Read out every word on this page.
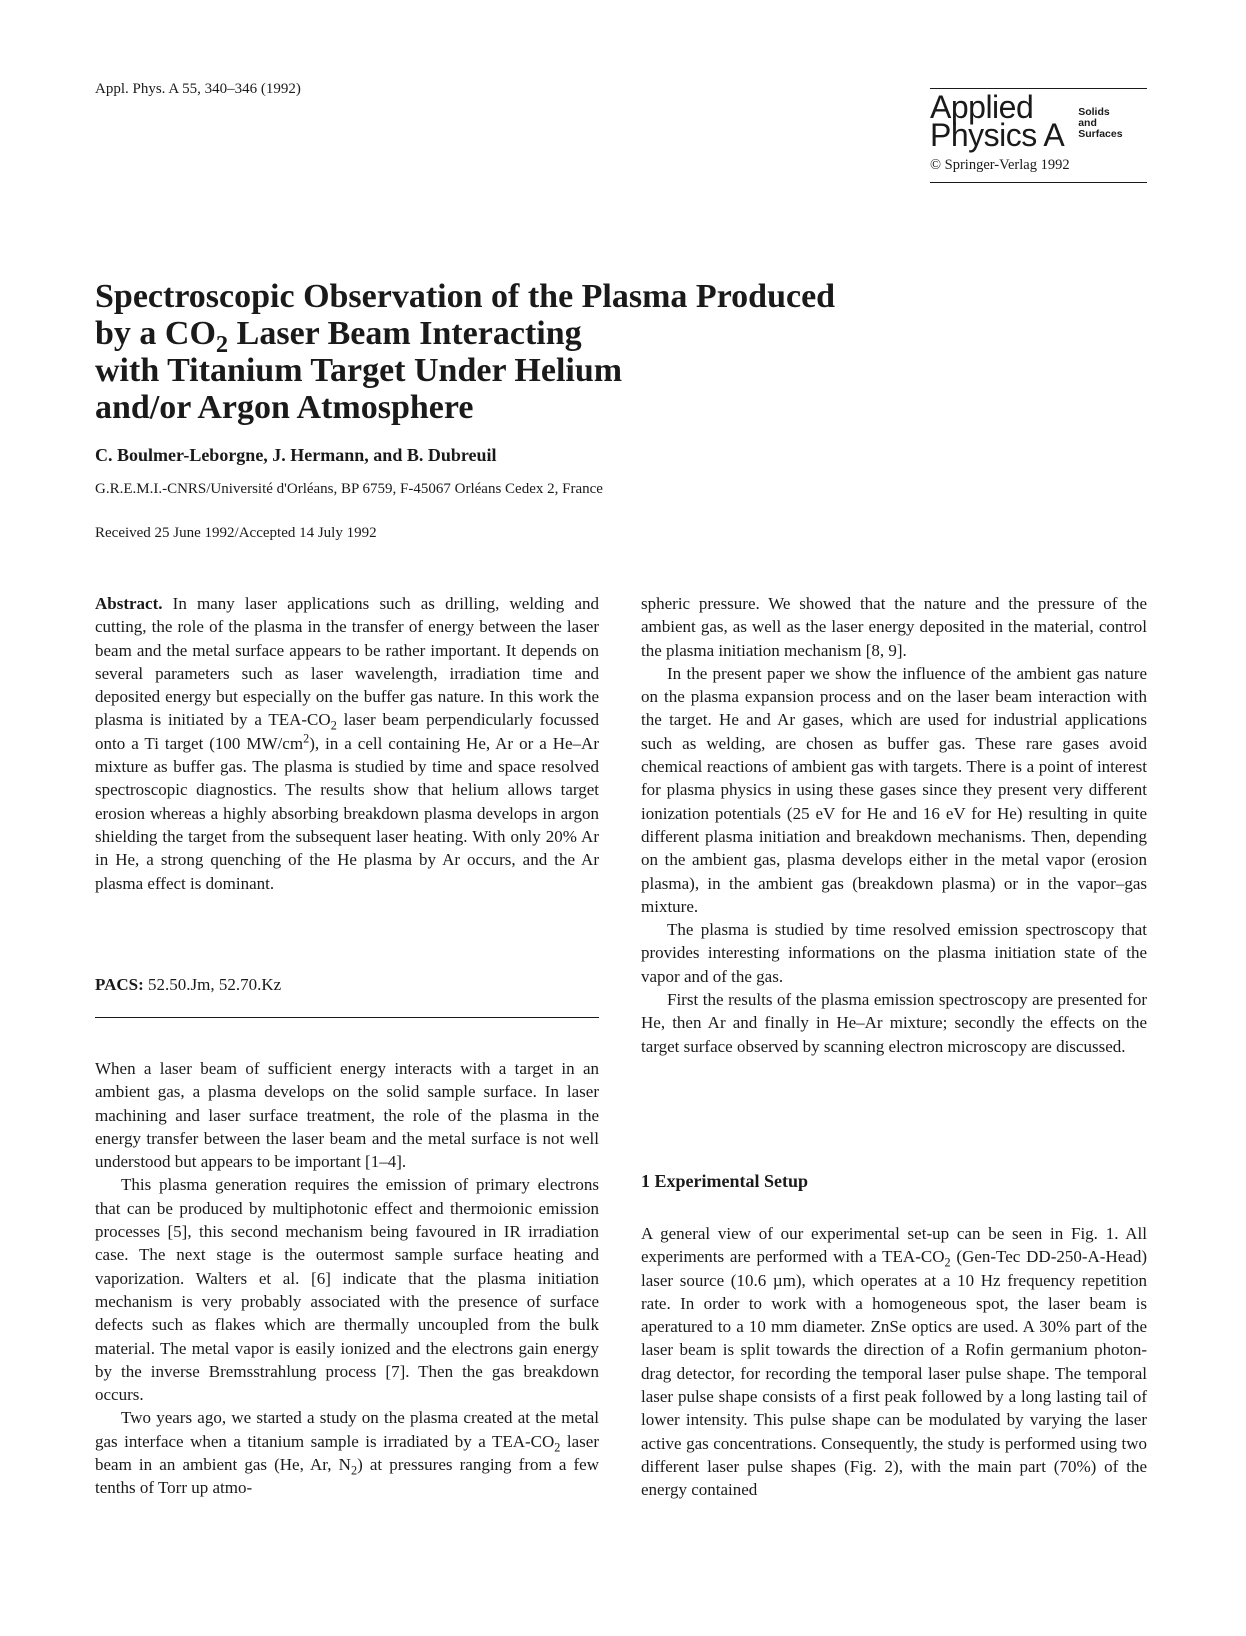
Appl. Phys. A 55, 340–346 (1992)	Applied
Physics A
Solids
and
Surfaces
© Springer-Verlag 1992
Spectroscopic Observation of the Plasma Produced
by a $CO_2$ Laser Beam Interacting
with Titanium Target Under Helium
and/or Argon Atmosphere
C. Boulmer-Leborgne, J. Hermann, and B. Dubreuil
G.R.E.M.I.-CNRS/Université d'Orléans, BP 6759, F-45067 Orléans Cedex 2, France
Received 25 June 1992/Accepted 14 July 1992

Abstract. In many laser applications such as drilling, welding and cutting, the role of the plasma in the transfer of energy between the laser beam and the metal surface appears to be rather important. It depends on several parameters such as laser wavelength, irradiation time and deposited energy but especially on the buffer gas nature. In this work the plasma is initiated by a TEA-$CO_2$ laser beam perpendicularly focussed onto a Ti target (100 $MW/cm^2$), in a cell containing He, Ar or a He–Ar mixture as buffer gas. The plasma is studied by time and space resolved spectroscopic diagnostics. The results show that helium allows target erosion whereas a highly absorbing breakdown plasma develops in argon shielding the target from the subsequent laser heating. With only 20% Ar in He, a strong quenching of the He plasma by Ar occurs, and the Ar plasma effect is dominant.

PACS: 52.50.Jm, 52.70.Kz

When a laser beam of sufficient energy interacts with a target in an ambient gas, a plasma develops on the solid sample surface. In laser machining and laser surface treatment, the role of the plasma in the energy transfer between the laser beam and the metal surface is not well understood but appears to be important [1–4].

This plasma generation requires the emission of primary electrons that can be produced by multiphotonic effect and thermoionic emission processes [5], this second mechanism being favoured in IR irradiation case. The next stage is the outermost sample surface heating and vaporization. Walters et al. [6] indicate that the plasma initiation mechanism is very probably associated with the presence of surface defects such as flakes which are thermally uncoupled from the bulk material. The metal vapor is easily ionized and the electrons gain energy by the inverse Bremsstrahlung process [7]. Then the gas breakdown occurs.

Two years ago, we started a study on the plasma created at the metal gas interface when a titanium sample is irradiated by a TEA-$CO_2$ laser beam in an ambient gas (He, Ar, $N_2$) at pressures ranging from a few tenths of Torr up atmo-

spheric pressure. We showed that the nature and the pressure of the ambient gas, as well as the laser energy deposited in the material, control the plasma initiation mechanism [8, 9].

In the present paper we show the influence of the ambient gas nature on the plasma expansion process and on the laser beam interaction with the target. He and Ar gases, which are used for industrial applications such as welding, are chosen as buffer gas. These rare gases avoid chemical reactions of ambient gas with targets. There is a point of interest for plasma physics in using these gases since they present very different ionization potentials (25 eV for He and 16 eV for He) resulting in quite different plasma initiation and breakdown mechanisms. Then, depending on the ambient gas, plasma develops either in the metal vapor (erosion plasma), in the ambient gas (breakdown plasma) or in the vapor–gas mixture.

The plasma is studied by time resolved emission spectroscopy that provides interesting informations on the plasma initiation state of the vapor and of the gas.

First the results of the plasma emission spectroscopy are presented for He, then Ar and finally in He–Ar mixture; secondly the effects on the target surface observed by scanning electron microscopy are discussed.

1 Experimental Setup

A general view of our experimental set-up can be seen in Fig. 1. All experiments are performed with a TEA-$CO_2$ (Gen-Tec DD-250-A-Head) laser source (10.6 µm), which operates at a 10 Hz frequency repetition rate. In order to work with a homogeneous spot, the laser beam is aperatured to a 10 mm diameter. ZnSe optics are used. A 30% part of the laser beam is split towards the direction of a Rofin germanium photon-drag detector, for recording the temporal laser pulse shape. The temporal laser pulse shape consists of a first peak followed by a long lasting tail of lower intensity. This pulse shape can be modulated by varying the laser active gas concentrations. Consequently, the study is performed using two different laser pulse shapes (Fig. 2), with the main part (70%) of the energy contained
